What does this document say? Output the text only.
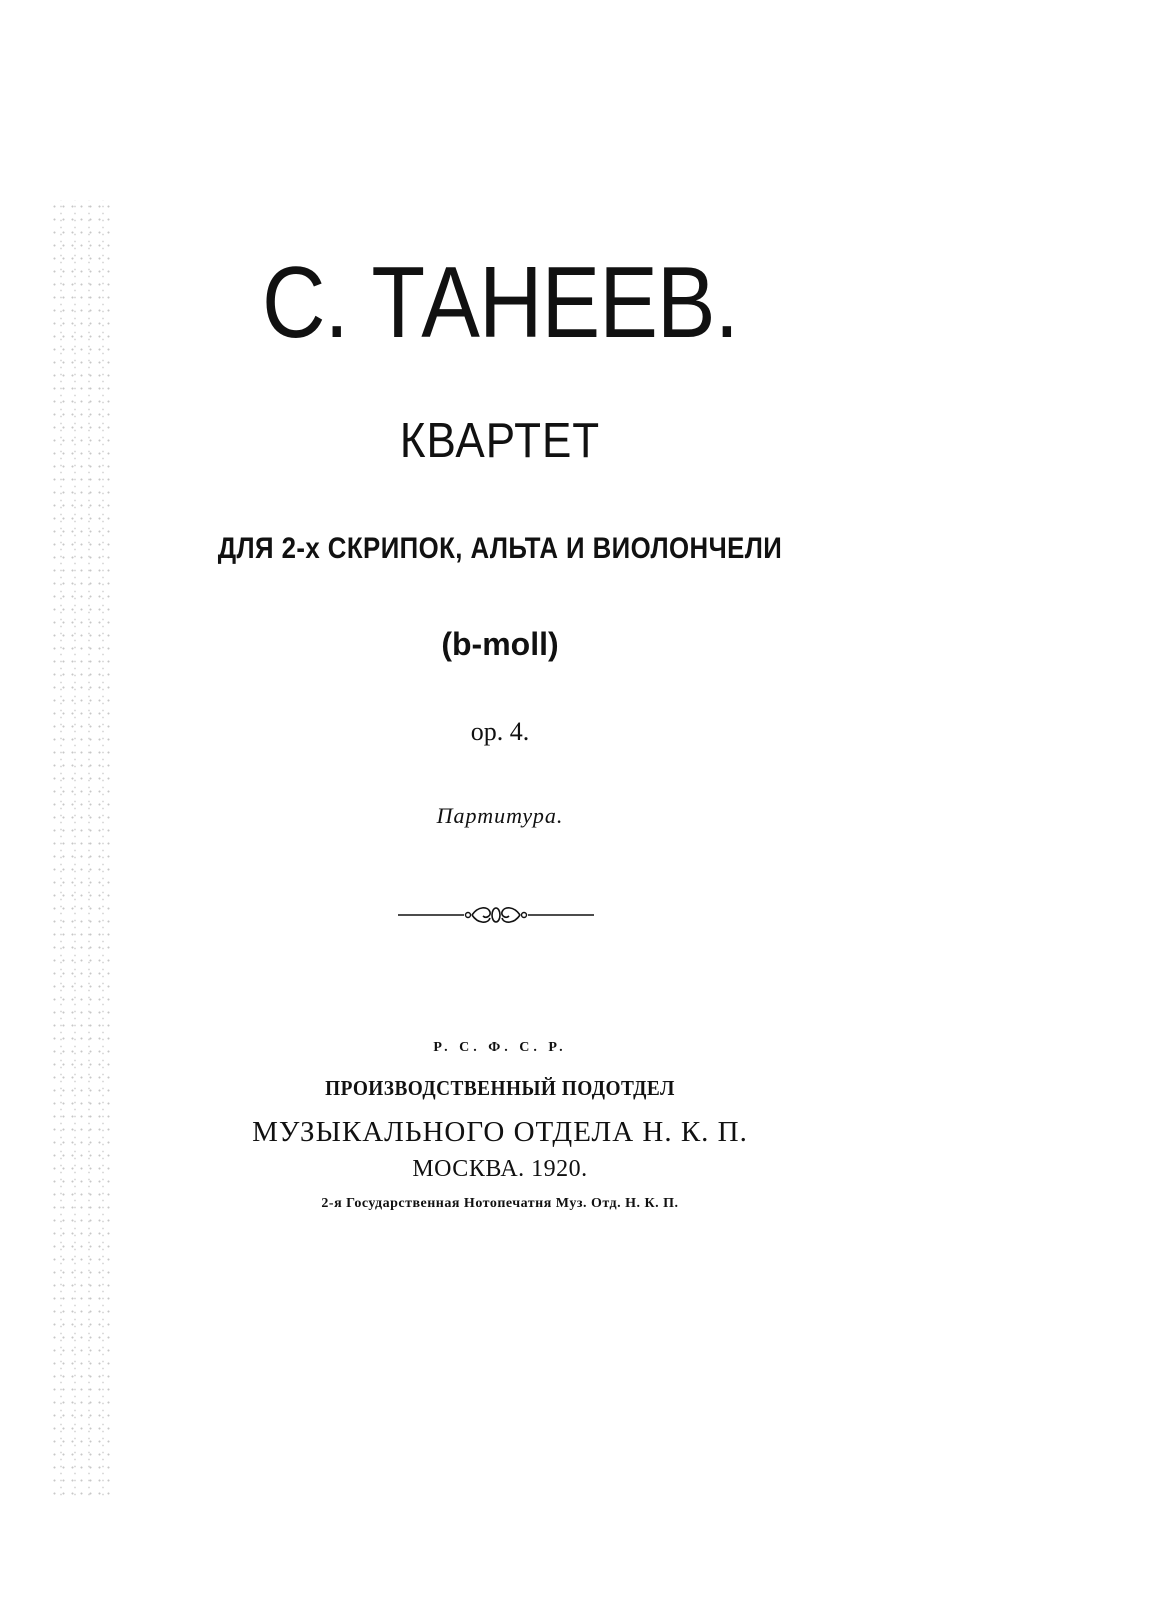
С. ТАНЕЕВ.
КВАРТЕТ
ДЛЯ 2-х СКРИПОК, АЛЬТА И ВИОЛОНЧЕЛИ
(b-moll)
op. 4.
Партитура.
Р. С. Ф. С. Р.
ПРОИЗВОДСТВЕННЫЙ ПОДОТДЕЛ
МУЗЫКАЛЬНОГО ОТДЕЛА Н. К. П.
МОСКВА. 1920.
2-я Государственная Нотопечатня Муз. Отд. Н. К. П.
